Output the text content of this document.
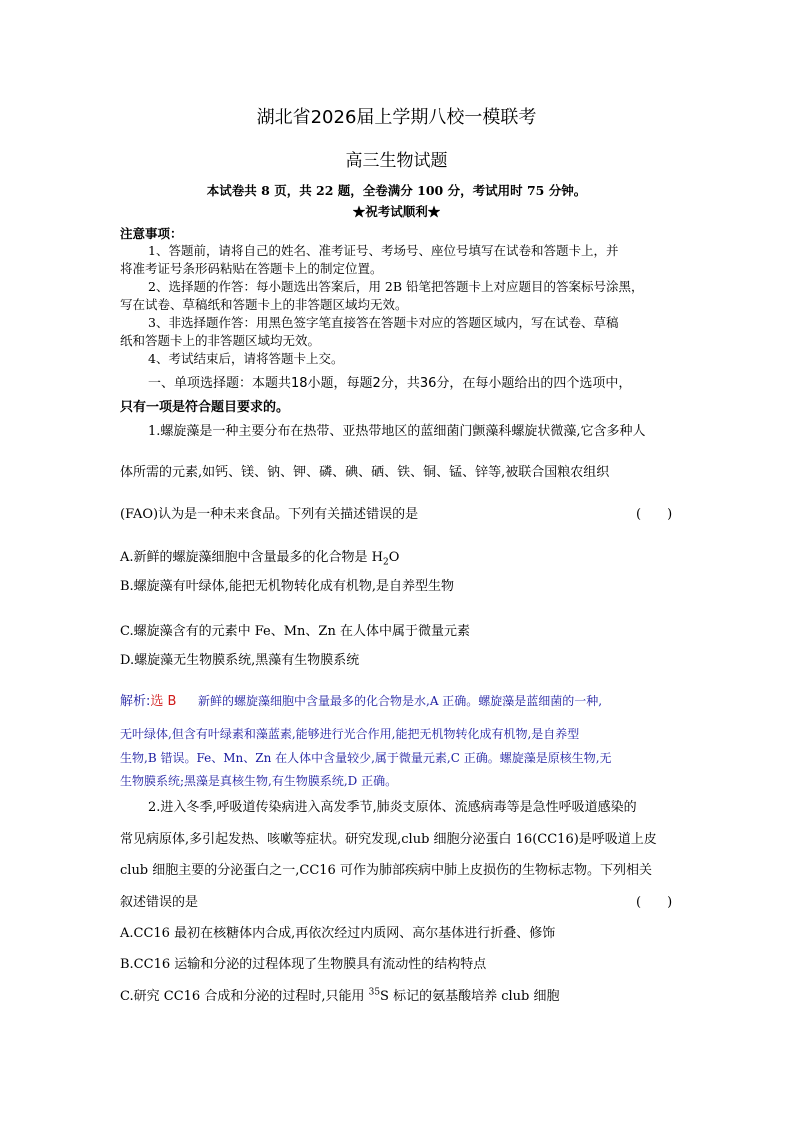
湖北省2026届上学期八校一模联考
高三生物试题
本试卷共 8 页，共 22 题，全卷满分 100 分，考试用时 75 分钟。
★祝考试顺利★
注意事项：
1、答题前，请将自己的姓名、准考证号、考场号、座位号填写在试卷和答题卡上，并
将准考证号条形码粘贴在答题卡上的制定位置。
2、选择题的作答：每小题选出答案后，用 2B 铅笔把答题卡上对应题目的答案标号涂黑，
写在试卷、草稿纸和答题卡上的非答题区域均无效。
3、非选择题作答：用黑色签字笔直接答在答题卡对应的答题区域内，写在试卷、草稿
纸和答题卡上的非答题区域均无效。
4、考试结束后，请将答题卡上交。
一、单项选择题：本题共18小题，每题2分，共36分，在每小题给出的四个选项中，
只有一项是符合题目要求的。
1.螺旋藻是一种主要分布在热带、亚热带地区的蓝细菌门颤藻科螺旋状微藻,它含多种人
体所需的元素,如钙、镁、钠、钾、磷、碘、硒、铁、铜、锰、锌等,被联合国粮农组织
(FAO)认为是一种未来食品。下列有关描述错误的是	(　　)
A.新鲜的螺旋藻细胞中含量最多的化合物是 $H_2O$
B.螺旋藻有叶绿体,能把无机物转化成有机物,是自养型生物
C.螺旋藻含有的元素中 Fe、Mn、Zn 在人体中属于微量元素
D.螺旋藻无生物膜系统,黑藻有生物膜系统
解析:选 B 新鲜的螺旋藻细胞中含量最多的化合物是水,A 正确。螺旋藻是蓝细菌的一种,
无叶绿体,但含有叶绿素和藻蓝素,能够进行光合作用,能把无机物转化成有机物,是自养型
生物,B 错误。Fe、Mn、Zn 在人体中含量较少,属于微量元素,C 正确。螺旋藻是原核生物,无
生物膜系统;黑藻是真核生物,有生物膜系统,D 正确。
2.进入冬季,呼吸道传染病进入高发季节,肺炎支原体、流感病毒等是急性呼吸道感染的
常见病原体,多引起发热、咳嗽等症状。研究发现,club 细胞分泌蛋白 16(CC16)是呼吸道上皮
club 细胞主要的分泌蛋白之一,CC16 可作为肺部疾病中肺上皮损伤的生物标志物。下列相关
叙述错误的是	(　　)
A.CC16 最初在核糖体内合成,再依次经过内质网、高尔基体进行折叠、修饰
B.CC16 运输和分泌的过程体现了生物膜具有流动性的结构特点
C.研究 CC16 合成和分泌的过程时,只能用 $^{35}$S 标记的氨基酸培养 club 细胞
